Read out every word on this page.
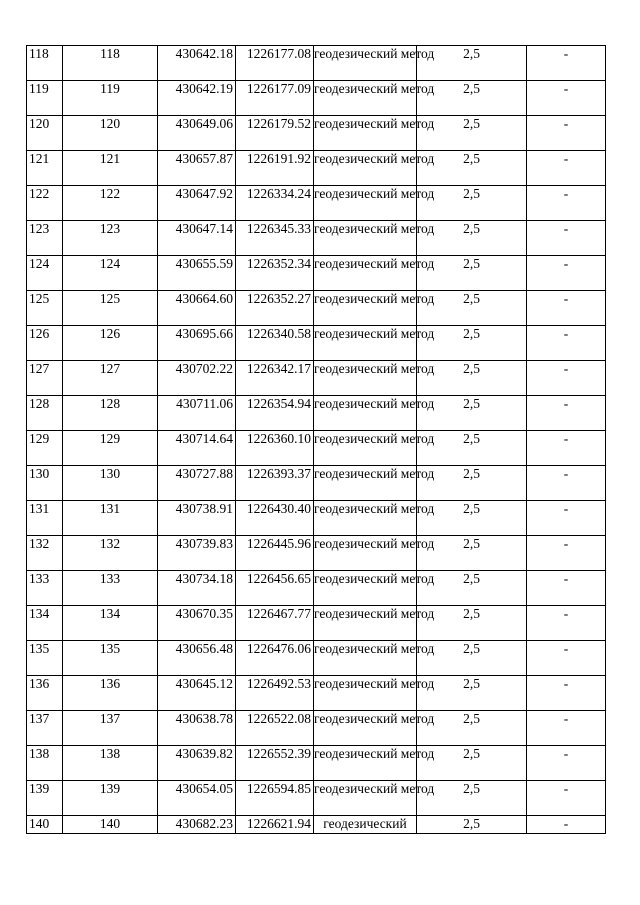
118	118	430642.18	1226177.08	геодезический метод	2,5	-
119	119	430642.19	1226177.09	геодезический метод	2,5	-
120	120	430649.06	1226179.52	геодезический метод	2,5	-
121	121	430657.87	1226191.92	геодезический метод	2,5	-
122	122	430647.92	1226334.24	геодезический метод	2,5	-
123	123	430647.14	1226345.33	геодезический метод	2,5	-
124	124	430655.59	1226352.34	геодезический метод	2,5	-
125	125	430664.60	1226352.27	геодезический метод	2,5	-
126	126	430695.66	1226340.58	геодезический метод	2,5	-
127	127	430702.22	1226342.17	геодезический метод	2,5	-
128	128	430711.06	1226354.94	геодезический метод	2,5	-
129	129	430714.64	1226360.10	геодезический метод	2,5	-
130	130	430727.88	1226393.37	геодезический метод	2,5	-
131	131	430738.91	1226430.40	геодезический метод	2,5	-
132	132	430739.83	1226445.96	геодезический метод	2,5	-
133	133	430734.18	1226456.65	геодезический метод	2,5	-
134	134	430670.35	1226467.77	геодезический метод	2,5	-
135	135	430656.48	1226476.06	геодезический метод	2,5	-
136	136	430645.12	1226492.53	геодезический метод	2,5	-
137	137	430638.78	1226522.08	геодезический метод	2,5	-
138	138	430639.82	1226552.39	геодезический метод	2,5	-
139	139	430654.05	1226594.85	геодезический метод	2,5	-
140	140	430682.23	1226621.94	геодезический	2,5	-
